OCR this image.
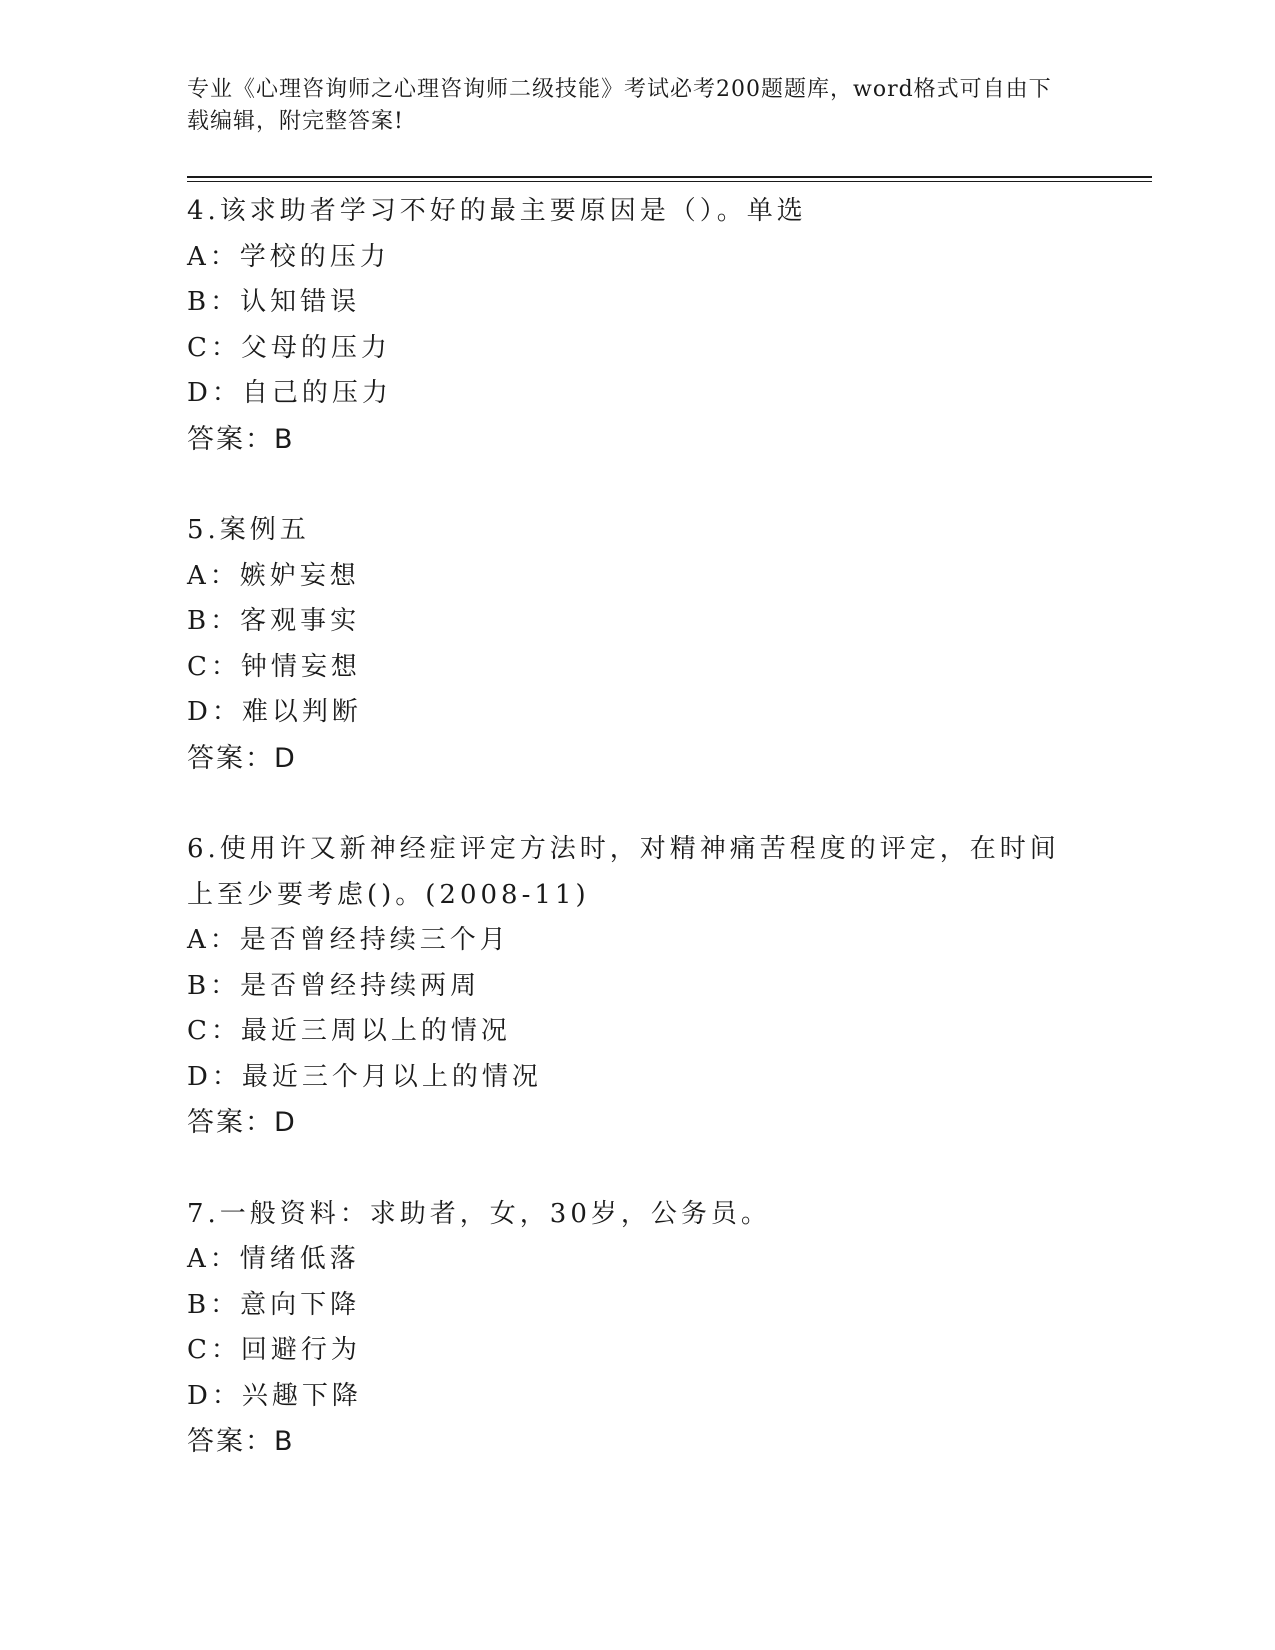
专业《心理咨询师之心理咨询师二级技能》考试必考200题题库，word格式可自由下载编辑，附完整答案!
4.该求助者学习不好的最主要原因是（）。单选
A：学校的压力
B：认知错误
C：父母的压力
D：自己的压力
答案：B
5.案例五
A：嫉妒妄想
B：客观事实
C：钟情妄想
D：难以判断
答案：D
6.使用许又新神经症评定方法时，对精神痛苦程度的评定，在时间上至少要考虑()。(2008-11)
A：是否曾经持续三个月
B：是否曾经持续两周
C：最近三周以上的情况
D：最近三个月以上的情况
答案：D
7.一般资料：求助者，女，30岁，公务员。
A：情绪低落
B：意向下降
C：回避行为
D：兴趣下降
答案：B
